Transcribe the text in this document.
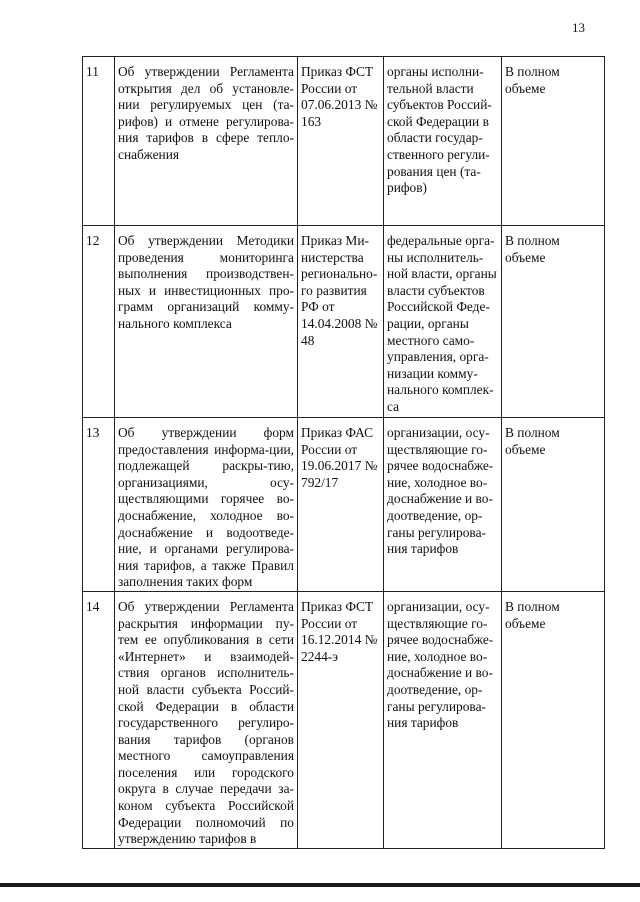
13
11	Об утверждении Регламента открытия дел об установле-нии регулируемых цен (та-рифов) и отмене регулирова-ния тарифов в сфере тепло-снабжения	Приказ ФСТ России от 07.06.2013 № 163	органы исполни-тельной власти субъектов Россий-ской Федерации в области государ-ственного регули-рования цен (та-рифов)	В полном объеме
12	Об утверждении Методики проведения мониторинга выполнения производствен-ных и инвестиционных про-грамм организаций комму-нального комплекса	Приказ Ми-нистерства регионально-го развития РФ от 14.04.2008 № 48	федеральные орга-ны исполнитель-ной власти, органы власти субъектов Российской Феде-рации, органы местного само-управления, орга-низации комму-нального комплек-са	В полном объеме
13	Об утверждении форм предоставления информа-ции, подлежащей раскры-тию, организациями, осу-ществляющими горячее во-доснабжение, холодное во-доснабжение и водоотведе-ние, и органами регулирова-ния тарифов, а также Правил заполнения таких форм	Приказ ФАС России от 19.06.2017 № 792/17	организации, осу-ществляющие го-рячее водоснабже-ние, холодное во-доснабжение и во-доотведение, ор-ганы регулирова-ния тарифов	В полном объеме
14	Об утверждении Регламента раскрытия информации пу-тем ее опубликования в сети «Интернет» и взаимодей-ствия органов исполнитель-ной власти субъекта Россий-ской Федерации в области государственного регулиро-вания тарифов (органов местного самоуправления поселения или городского округа в случае передачи за-коном субъекта Российской Федерации полномочий по утверждению тарифов в	Приказ ФСТ России от 16.12.2014 № 2244-э	организации, осу-ществляющие го-рячее водоснабже-ние, холодное во-доснабжение и во-доотведение, ор-ганы регулирова-ния тарифов	В полном объеме
